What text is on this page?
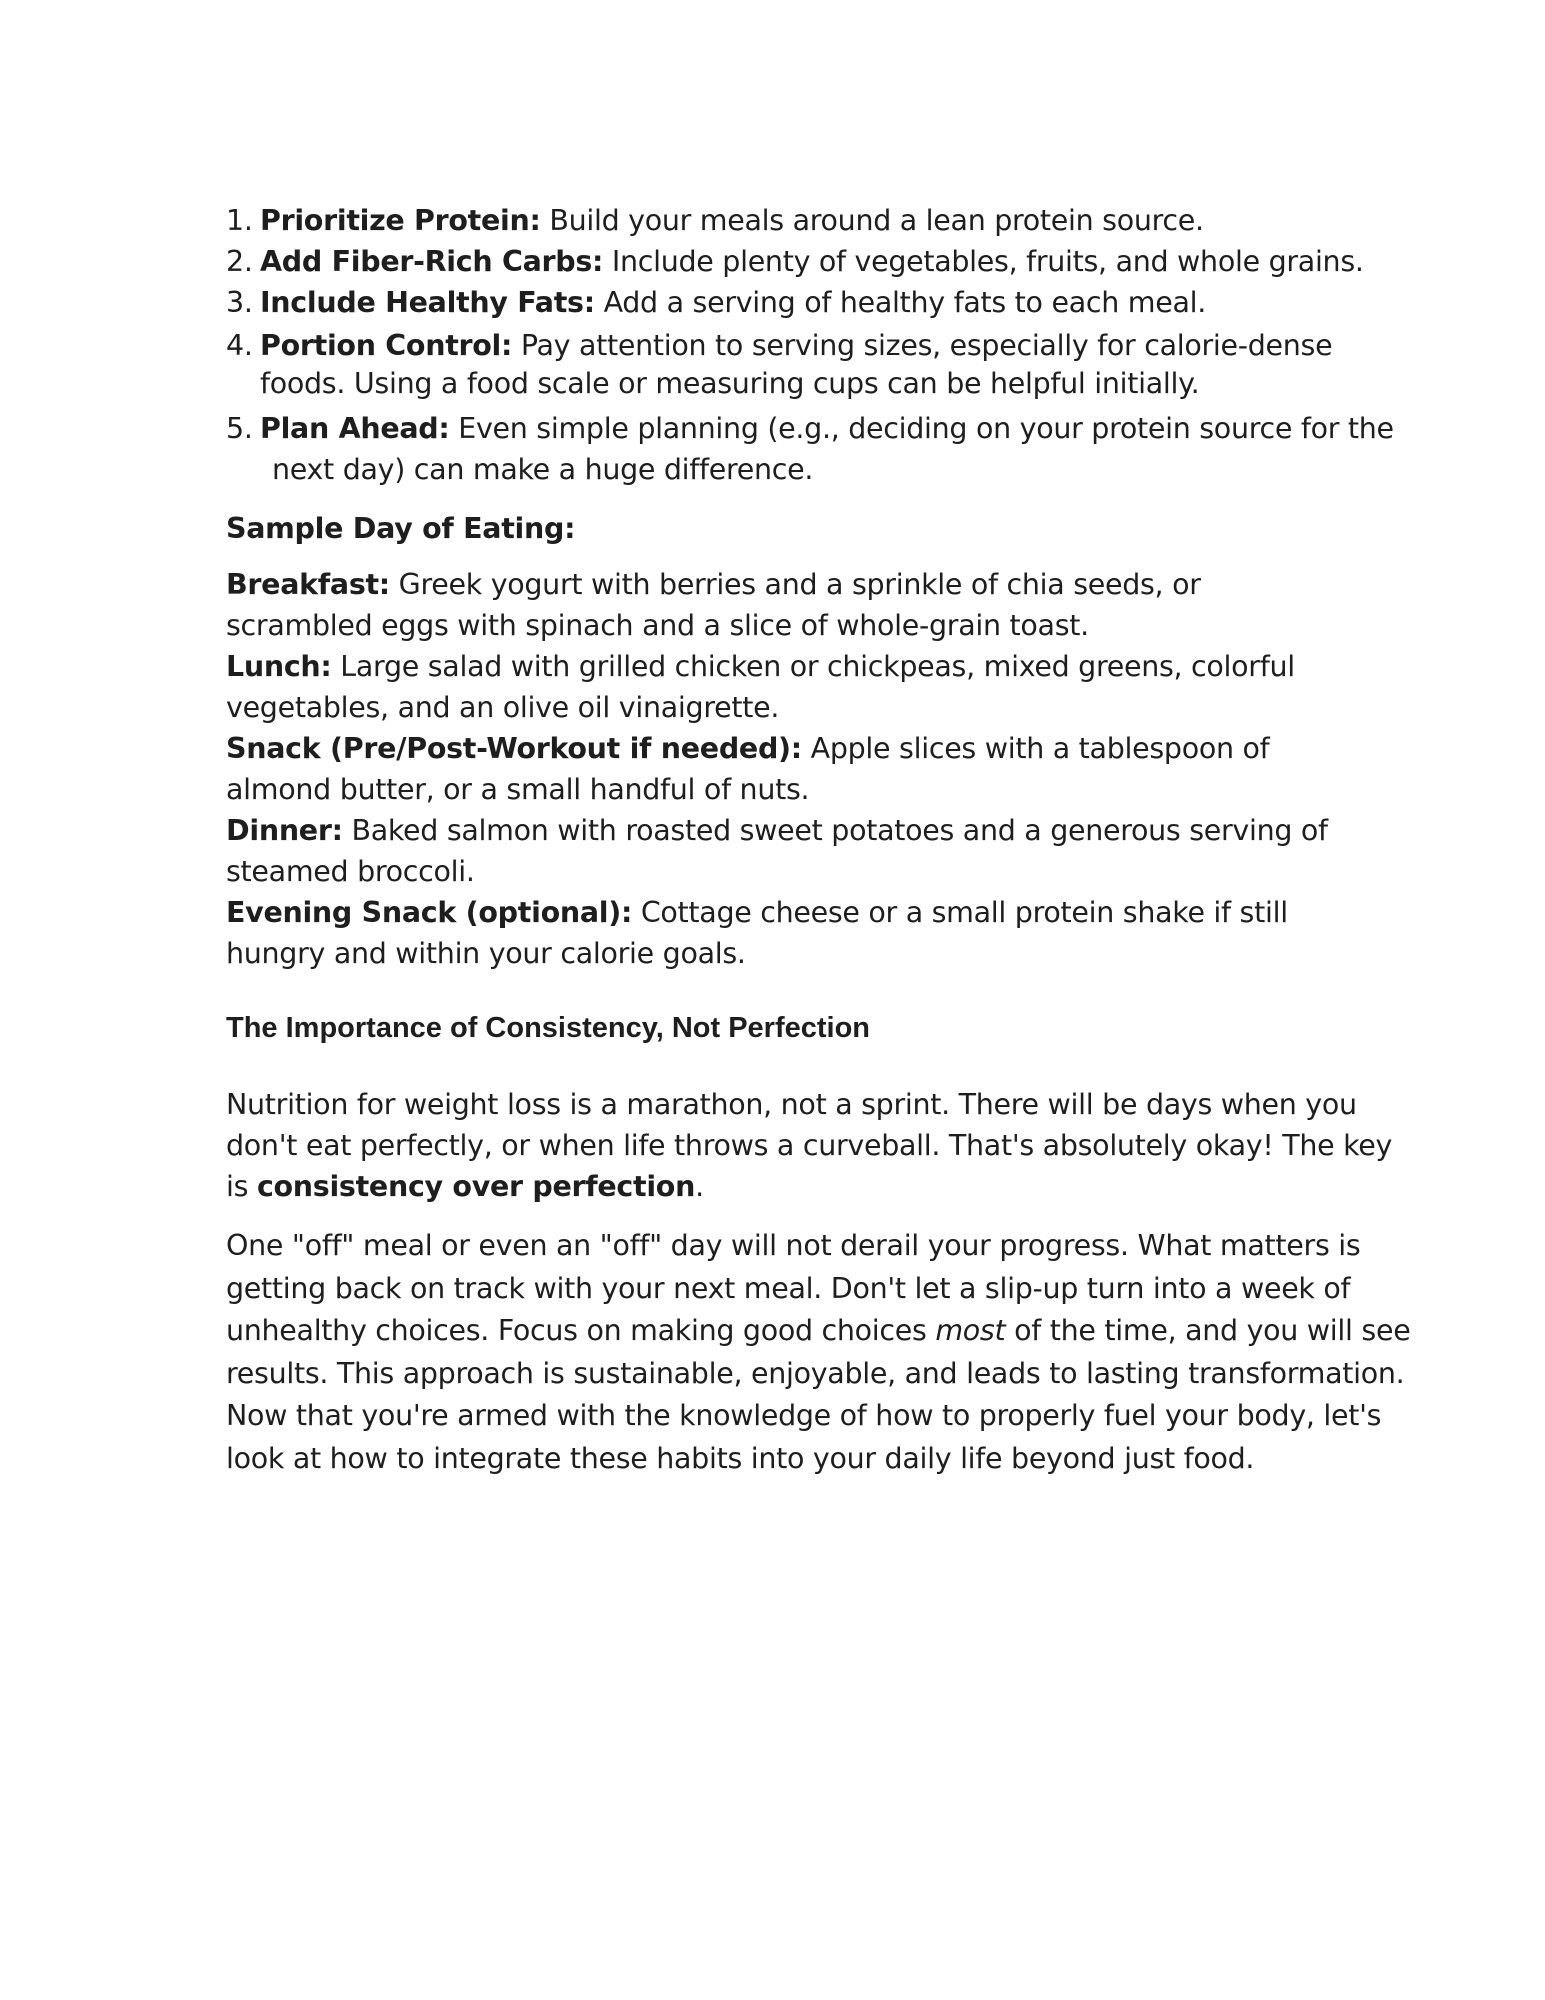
1. Prioritize Protein: Build your meals around a lean protein source.
2. Add Fiber-Rich Carbs: Include plenty of vegetables, fruits, and whole grains.
3. Include Healthy Fats: Add a serving of healthy fats to each meal.
4. Portion Control: Pay attention to serving sizes, especially for calorie-dense foods. Using a food scale or measuring cups can be helpful initially.
5. Plan Ahead: Even simple planning (e.g., deciding on your protein source for the
next day) can make a huge difference.
Sample Day of Eating:

Breakfast: Greek yogurt with berries and a sprinkle of chia seeds, or
scrambled eggs with spinach and a slice of whole-grain toast.

Lunch: Large salad with grilled chicken or chickpeas, mixed greens, colorful
vegetables, and an olive oil vinaigrette.

Snack (Pre/Post-Workout if needed): Apple slices with a tablespoon of
almond butter, or a small handful of nuts.

Dinner: Baked salmon with roasted sweet potatoes and a generous serving of
steamed broccoli.

Evening Snack (optional): Cottage cheese or a small protein shake if still
hungry and within your calorie goals.

The Importance of Consistency, Not Perfection

Nutrition for weight loss is a marathon, not a sprint. There will be days when you don't eat perfectly, or when life throws a curveball. That's absolutely okay! The key is consistency over perfection.

One "off" meal or even an "off" day will not derail your progress. What matters is getting back on track with your next meal. Don't let a slip-up turn into a week of unhealthy choices. Focus on making good choices most of the time, and you will see results. This approach is sustainable, enjoyable, and leads to lasting transformation. Now that you're armed with the knowledge of how to properly fuel your body, let's look at how to integrate these habits into your daily life beyond just food.
